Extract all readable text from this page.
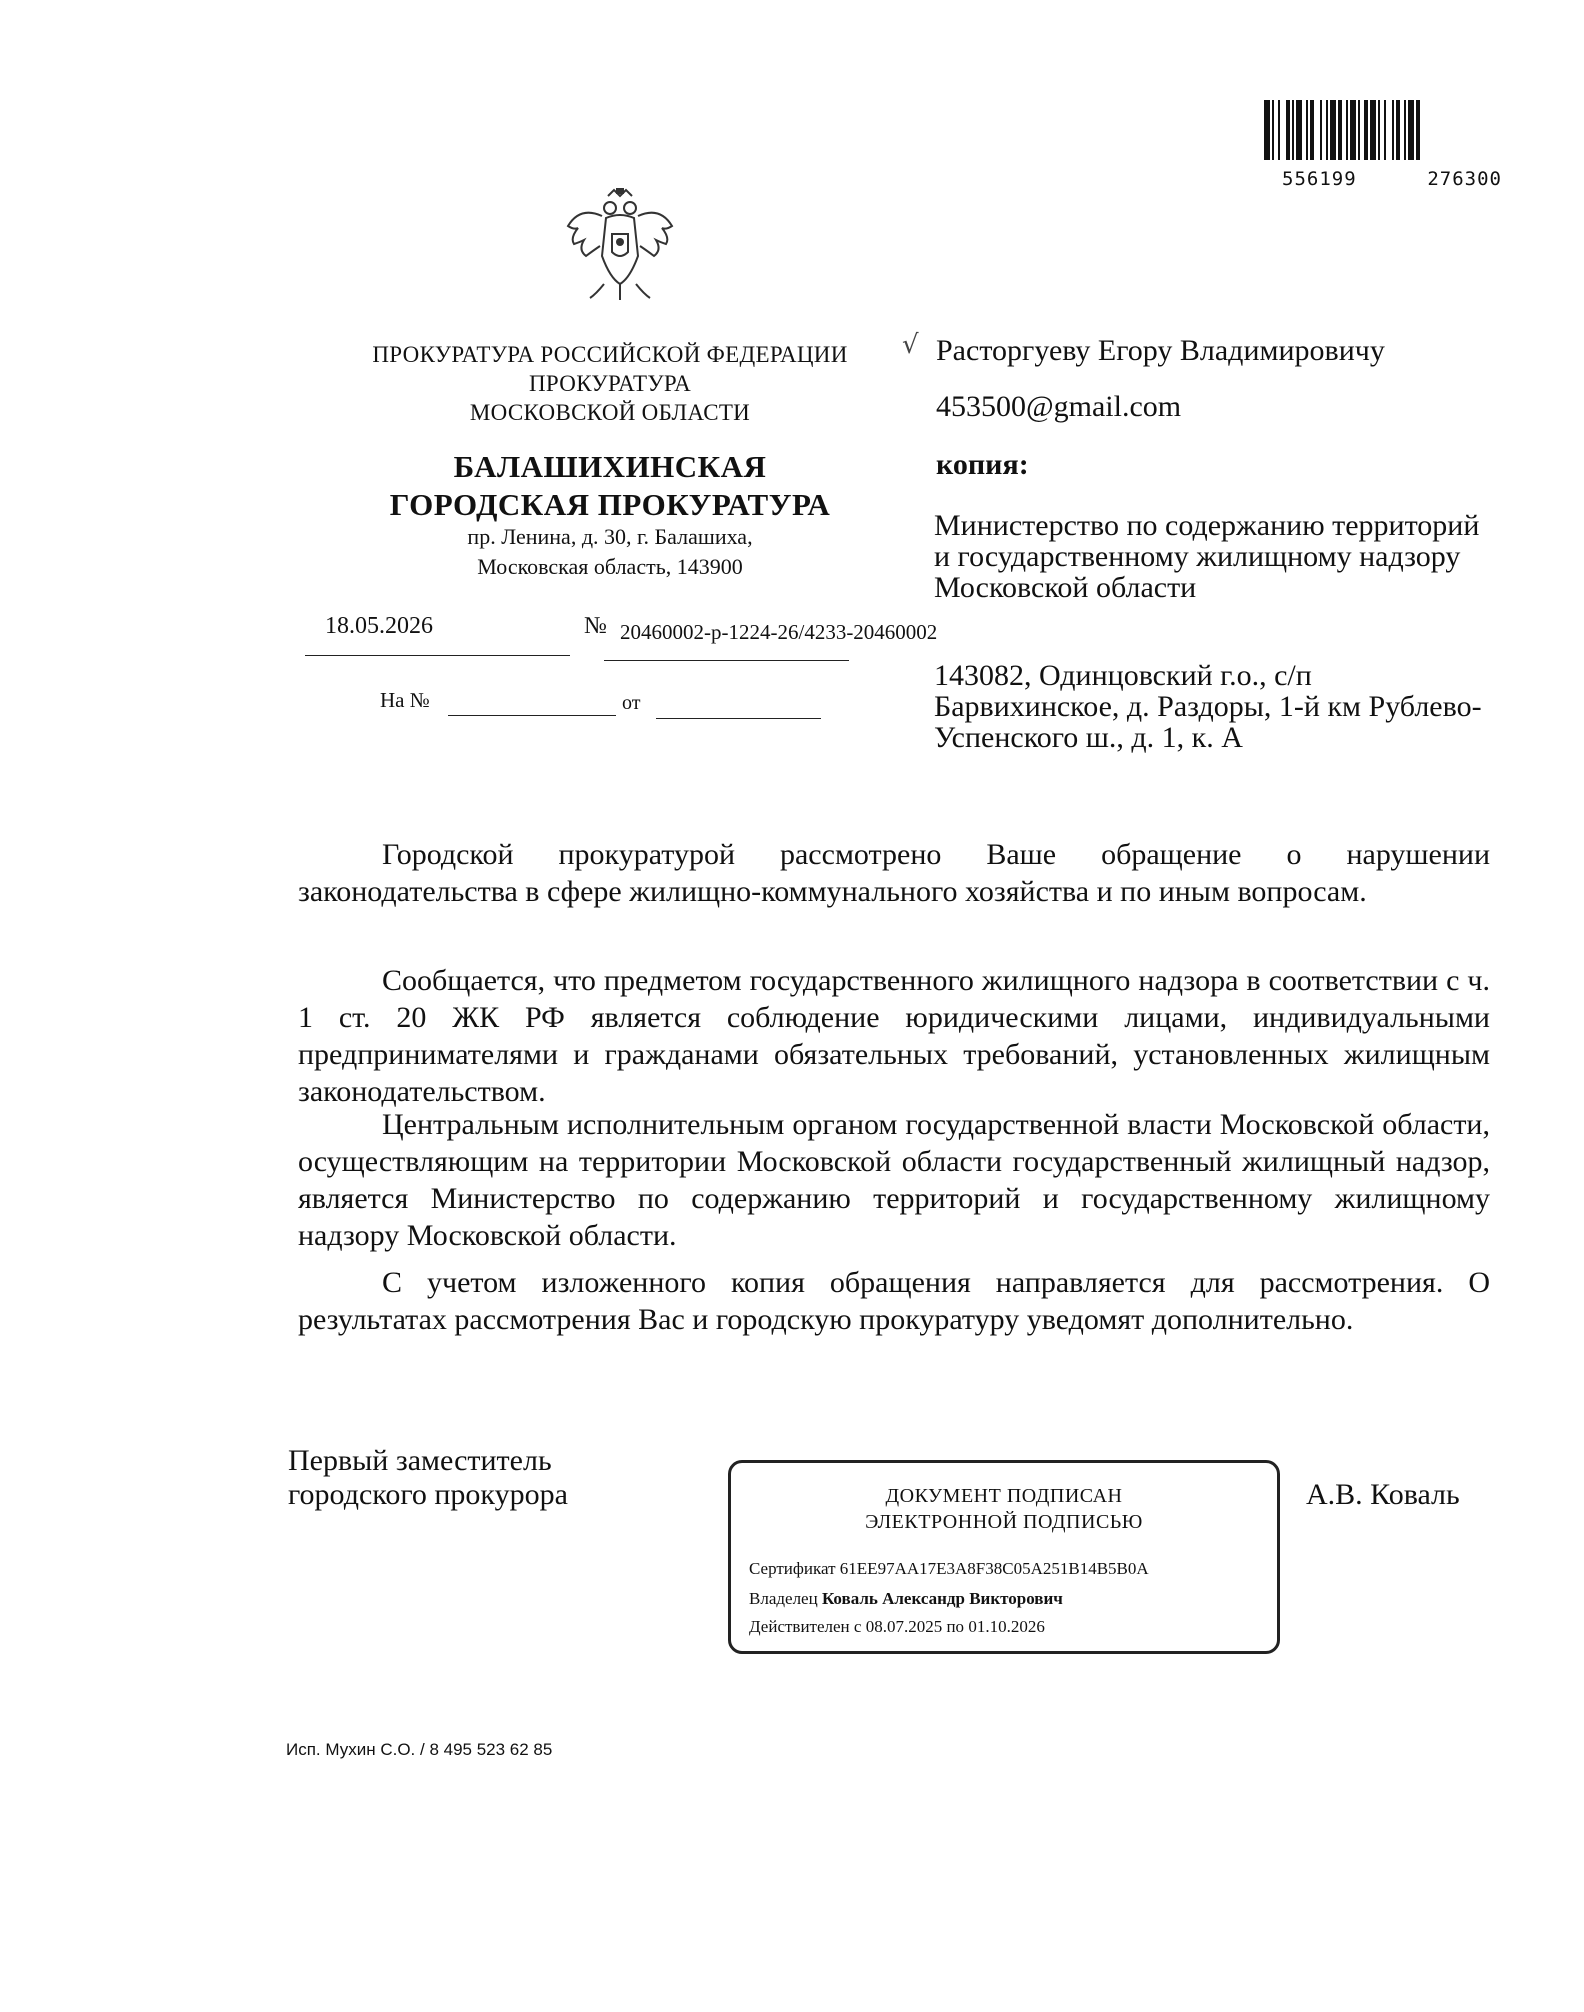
556199	276300
ПРОКУРАТУРА РОССИЙСКОЙ ФЕДЕРАЦИИ
ПРОКУРАТУРА
МОСКОВСКОЙ ОБЛАСТИ
БАЛАШИХИНСКАЯ
ГОРОДСКАЯ ПРОКУРАТУРА
пр. Ленина, д. 30, г. Балашиха,
Московская область, 143900
18.05.2026	№ 20460002-р-1224-26/4233-20460002
На №	от
√ Расторгуеву Егору Владимировичу
453500@gmail.com
копия:
Министерство по содержанию территорий и государственному жилищному надзору Московской области
143082, Одинцовский г.о., с/п Барвихинское, д. Раздоры, 1-й км Рублево-Успенского ш., д. 1, к. А
Городской прокуратурой рассмотрено Ваше обращение о нарушении законодательства в сфере жилищно-коммунального хозяйства и по иным вопросам.
Сообщается, что предметом государственного жилищного надзора в соответствии с ч. 1 ст. 20 ЖК РФ является соблюдение юридическими лицами, индивидуальными предпринимателями и гражданами обязательных требований, установленных жилищным законодательством.
Центральным исполнительным органом государственной власти Московской области, осуществляющим на территории Московской области государственный жилищный надзор, является Министерство по содержанию территорий и государственному жилищному надзору Московской области.
С учетом изложенного копия обращения направляется для рассмотрения. О результатах рассмотрения Вас и городскую прокуратуру уведомят дополнительно.
Первый заместитель
городского прокурора	ДОКУМЕНТ ПОДПИСАН
ЭЛЕКТРОННОЙ ПОДПИСЬЮ
Сертификат 61EE97AA17E3A8F38C05A251B14B5B0A
Владелец Коваль Александр Викторович
Действителен с 08.07.2025 по 01.10.2026
А.В. Коваль
Исп. Мухин С.О. / 8 495 523 62 85
